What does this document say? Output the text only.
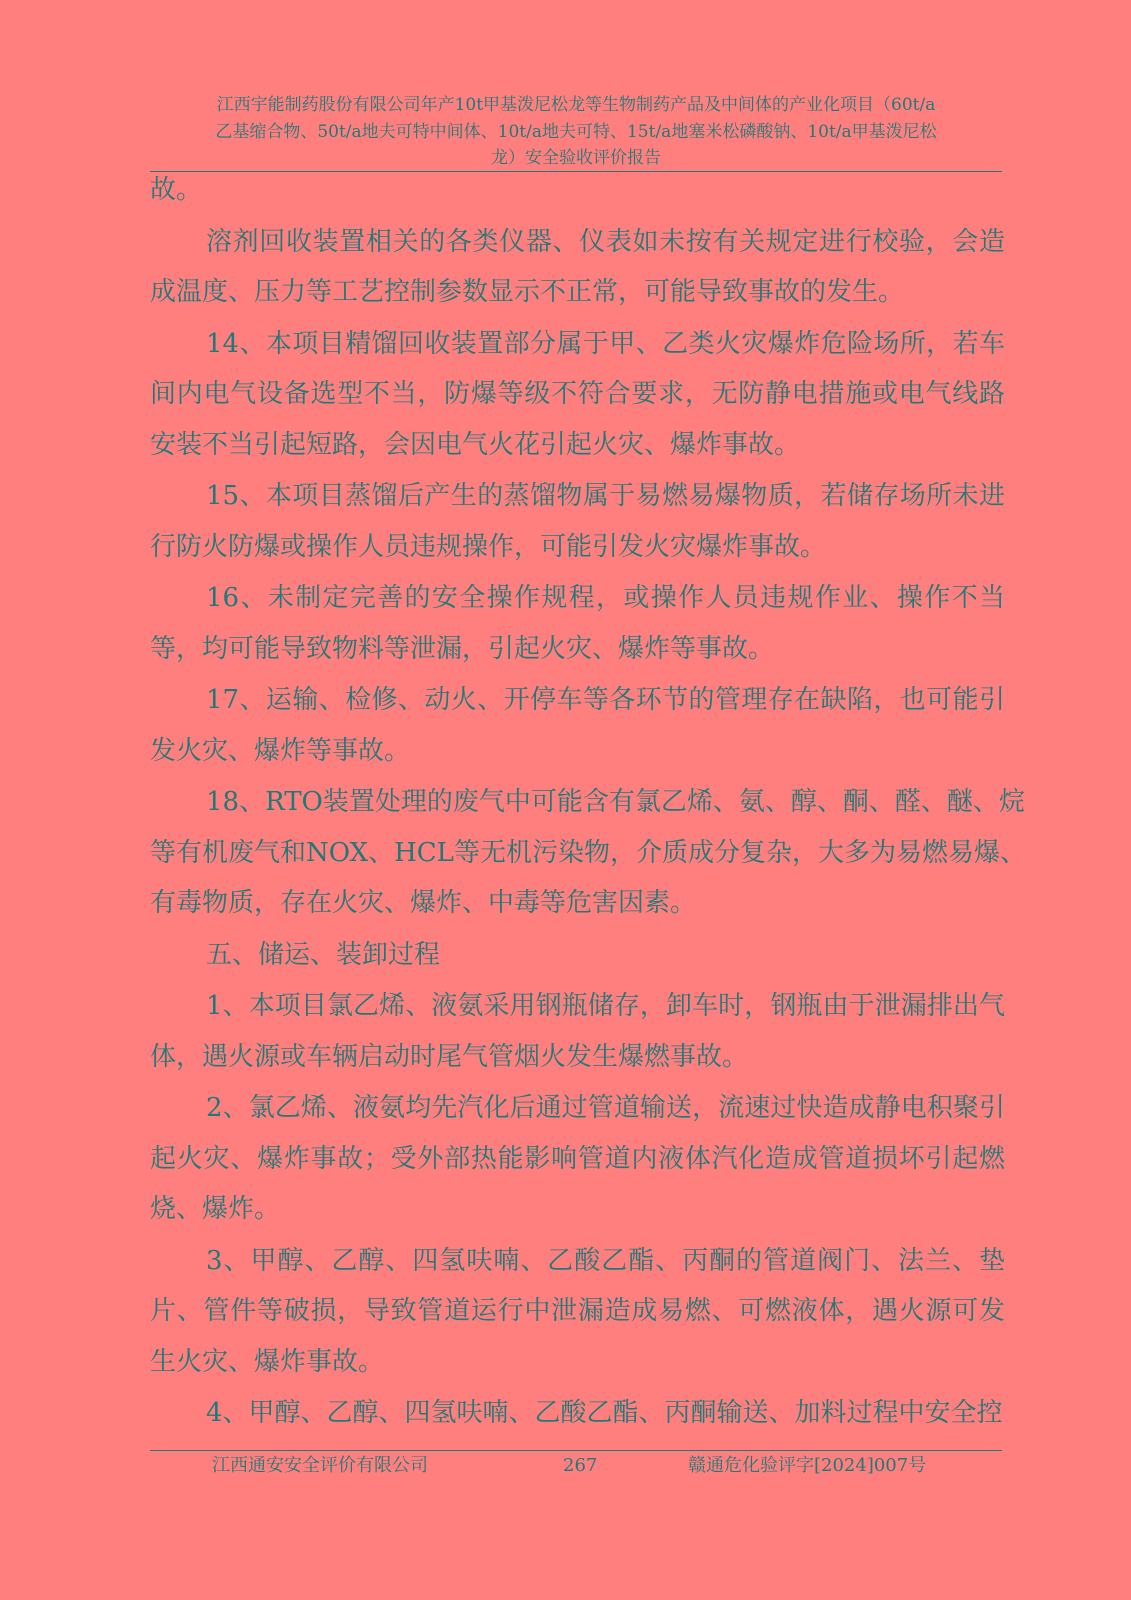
江西宇能制药股份有限公司年产10t甲基泼尼松龙等生物制药产品及中间体的产业化项目（60t/a
乙基缩合物、50t/a地夫可特中间体、10t/a地夫可特、15t/a地塞米松磷酸钠、10t/a甲基泼尼松
龙）安全验收评价报告
故。
溶剂回收装置相关的各类仪器、仪表如未按有关规定进行校验，会造
成温度、压力等工艺控制参数显示不正常，可能导致事故的发生。
14、本项目精馏回收装置部分属于甲、乙类火灾爆炸危险场所，若车
间内电气设备选型不当，防爆等级不符合要求，无防静电措施或电气线路
安装不当引起短路，会因电气火花引起火灾、爆炸事故。
15、本项目蒸馏后产生的蒸馏物属于易燃易爆物质，若储存场所未进
行防火防爆或操作人员违规操作，可能引发火灾爆炸事故。
16、未制定完善的安全操作规程，或操作人员违规作业、操作不当
等，均可能导致物料等泄漏，引起火灾、爆炸等事故。
17、运输、检修、动火、开停车等各环节的管理存在缺陷，也可能引
发火灾、爆炸等事故。
18、RTO装置处理的废气中可能含有氯乙烯、氨、醇、酮、醛、醚、烷
等有机废气和NOX、HCL等无机污染物，介质成分复杂，大多为易燃易爆、
有毒物质，存在火灾、爆炸、中毒等危害因素。
五、储运、装卸过程
1、本项目氯乙烯、液氨采用钢瓶储存，卸车时，钢瓶由于泄漏排出气
体，遇火源或车辆启动时尾气管烟火发生爆燃事故。
2、氯乙烯、液氨均先汽化后通过管道输送，流速过快造成静电积聚引
起火灾、爆炸事故；受外部热能影响管道内液体汽化造成管道损坏引起燃
烧、爆炸。
3、甲醇、乙醇、四氢呋喃、乙酸乙酯、丙酮的管道阀门、法兰、垫
片、管件等破损，导致管道运行中泄漏造成易燃、可燃液体，遇火源可发
生火灾、爆炸事故。
4、甲醇、乙醇、四氢呋喃、乙酸乙酯、丙酮输送、加料过程中安全控
江西通安安全评价有限公司	267	赣通危化验评字[2024]007号
